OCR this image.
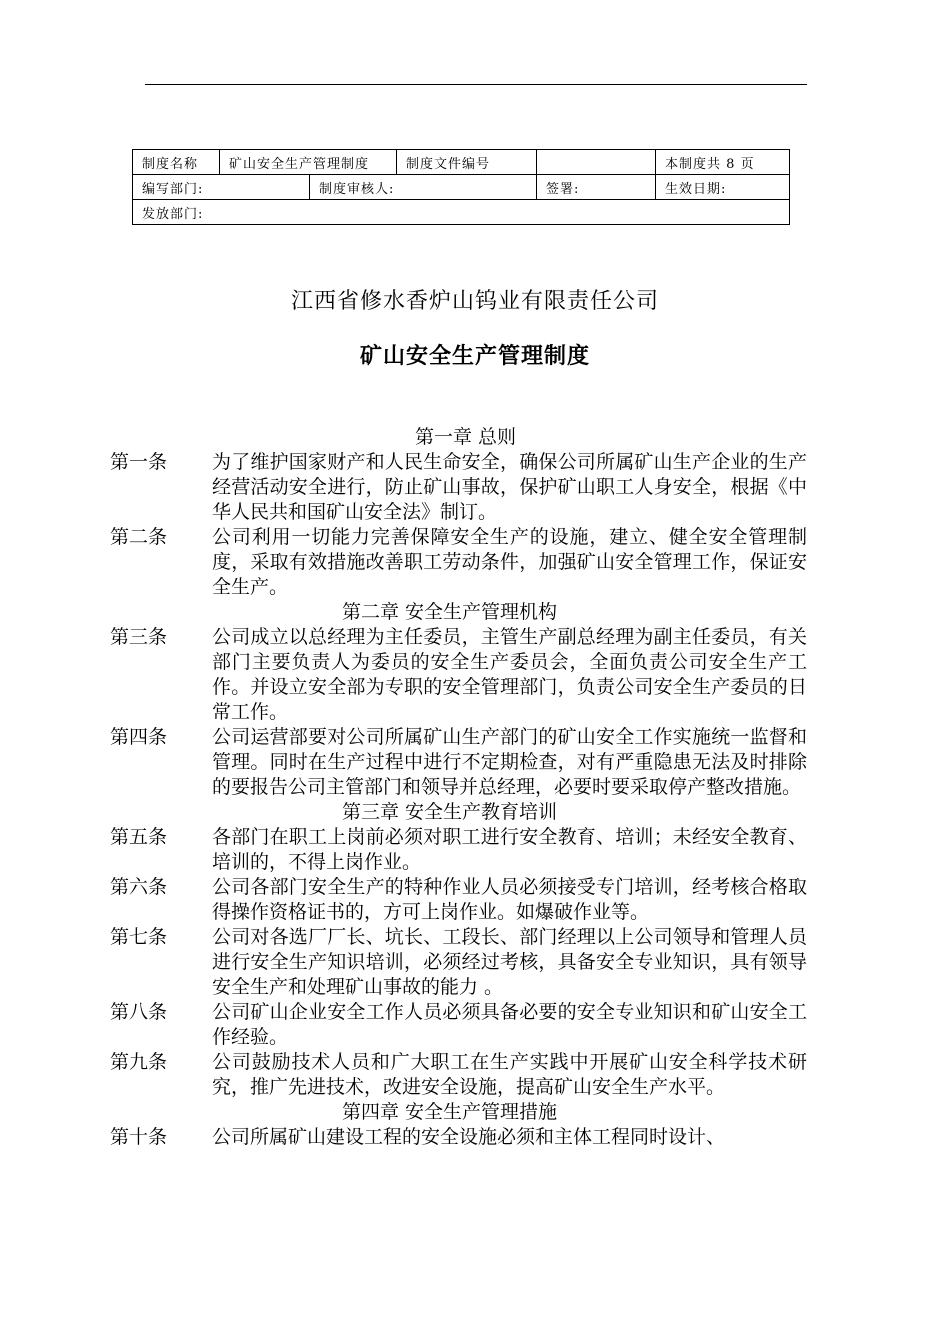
制度名称	矿山安全生产管理制度		制度文件编号		本制度共 8 页
编写部门:		制度审核人:		签署:	生效日期:
发放部门:					
江西省修水香炉山钨业有限责任公司
矿山安全生产管理制度
第一章 总则
第一条	为了维护国家财产和人民生命安全，确保公司所属矿山生产企业的生产经营活动安全进行，防止矿山事故，保护矿山职工人身安全，根据《中华人民共和国矿山安全法》制订。
第二条	公司利用一切能力完善保障安全生产的设施，建立、健全安全管理制度，采取有效措施改善职工劳动条件，加强矿山安全管理工作，保证安全生产。
第二章 安全生产管理机构
第三条	公司成立以总经理为主任委员，主管生产副总经理为副主任委员，有关部门主要负责人为委员的安全生产委员会，全面负责公司安全生产工作。并设立安全部为专职的安全管理部门，负责公司安全生产委员的日常工作。
第四条	公司运营部要对公司所属矿山生产部门的矿山安全工作实施统一监督和管理。同时在生产过程中进行不定期检查，对有严重隐患无法及时排除的要报告公司主管部门和领导并总经理，必要时要采取停产整改措施。
第三章 安全生产教育培训
第五条	各部门在职工上岗前必须对职工进行安全教育、培训；未经安全教育、培训的，不得上岗作业。
第六条	公司各部门安全生产的特种作业人员必须接受专门培训，经考核合格取得操作资格证书的，方可上岗作业。如爆破作业等。
第七条	公司对各选厂厂长、坑长、工段长、部门经理以上公司领导和管理人员进行安全生产知识培训，必须经过考核，具备安全专业知识，具有领导安全生产和处理矿山事故的能力 。
第八条	公司矿山企业安全工作人员必须具备必要的安全专业知识和矿山安全工作经验。
第九条	公司鼓励技术人员和广大职工在生产实践中开展矿山安全科学技术研究，推广先进技术，改进安全设施，提高矿山安全生产水平。
第四章 安全生产管理措施
第十条	公司所属矿山建设工程的安全设施必须和主体工程同时设计、
